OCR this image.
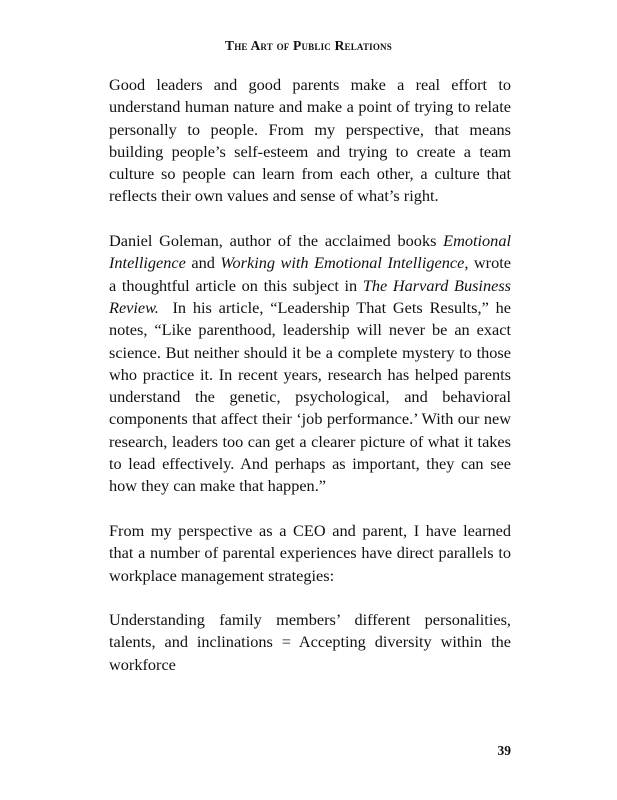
The Art of Public Relations

Good leaders and good parents make a real effort to understand human nature and make a point of trying to relate personally to people. From my perspective, that means building people’s self-esteem and trying to create a team culture so people can learn from each other, a culture that reflects their own values and sense of what’s right.

Daniel Goleman, author of the acclaimed books Emotional Intelligence and Working with Emotional Intelligence, wrote a thoughtful article on this subject in The Harvard Business Review.  In his article, “Leadership That Gets Results,” he notes, “Like parenthood, leadership will never be an exact science. But neither should it be a complete mystery to those who practice it. In recent years, research has helped parents understand the genetic, psychological, and behavioral components that affect their ‘job performance.’ With our new research, leaders too can get a clearer picture of what it takes to lead effectively. And perhaps as important, they can see how they can make that happen.”

From my perspective as a CEO and parent, I have learned that a number of parental experiences have direct parallels to workplace management strategies:

Understanding family members’ different personalities, talents, and inclinations = Accepting diversity within the workforce

39
